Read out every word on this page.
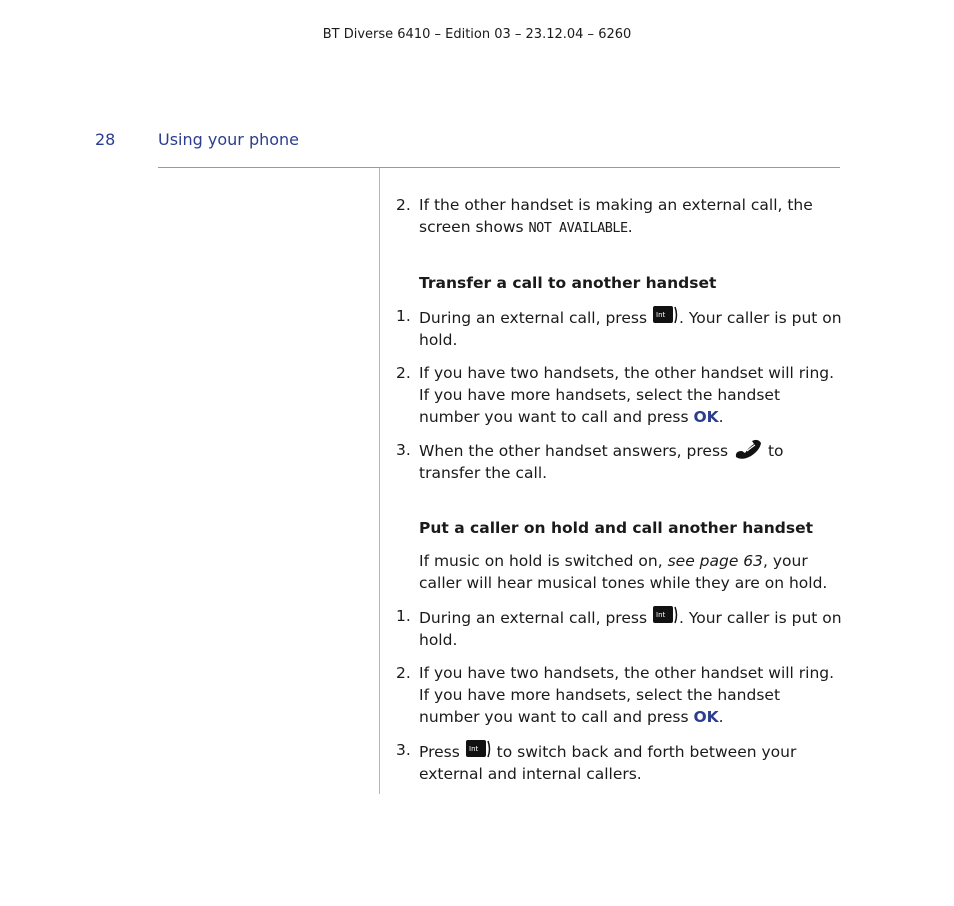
BT Diverse 6410 – Edition 03 – 23.12.04 – 6260
28	Using your phone
2. If the other handset is making an external call, the screen shows NOT AVAILABLE.
Transfer a call to another handset
1. During an external call, press Int . Your caller is put on hold.
2. If you have two handsets, the other handset will ring.
If you have more handsets, select the handset number you want to call and press OK.
3. When the other handset answers, press  to transfer the call.
Put a caller on hold and call another handset
If music on hold is switched on, see page 63, your caller will hear musical tones while they are on hold.
1. During an external call, press Int . Your caller is put on hold.
2. If you have two handsets, the other handset will ring.
If you have more handsets, select the handset number you want to call and press OK.
3. Press Int to switch back and forth between your external and internal callers.
